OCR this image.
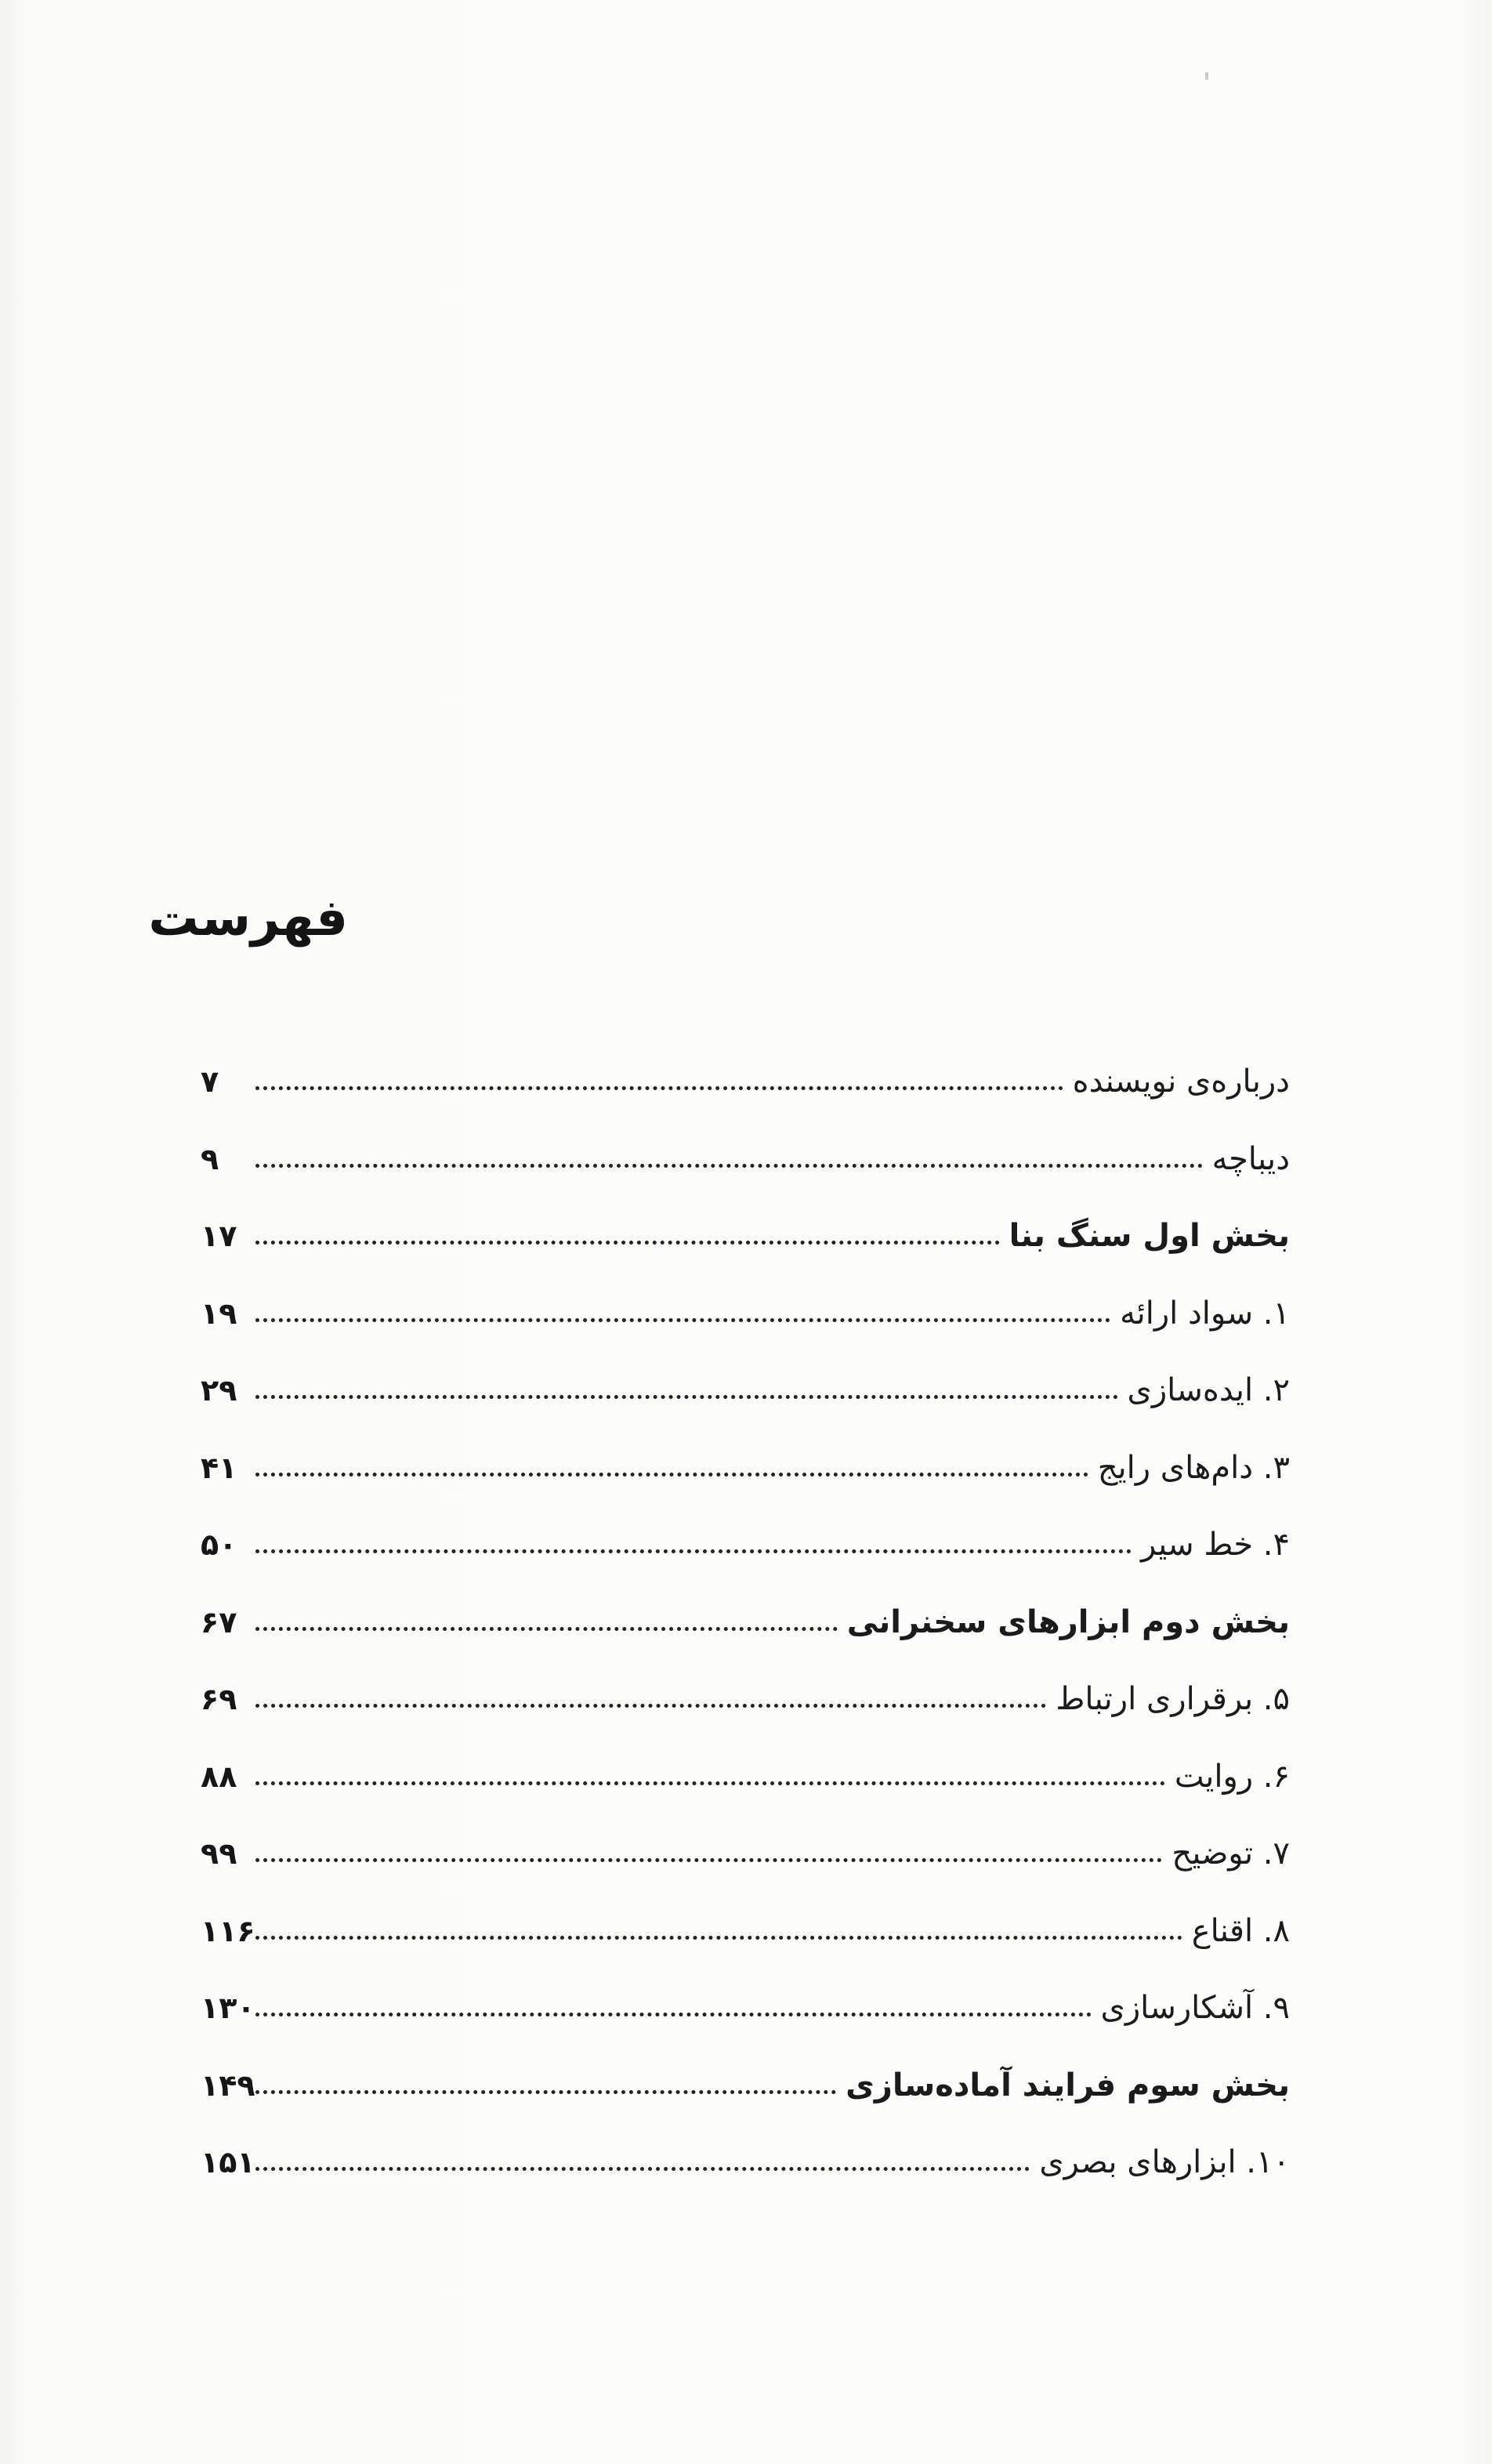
فهرست
درباره‌ی نویسنده
۷
دیباچه
۹
بخش اول سنگ بنا
۱۷
۱. سواد ارائه
۱۹
۲. ایده‌سازی
۲۹
۳. دام‌های رایج
۴۱
۴. خط سیر
۵۰
بخش دوم ابزارهای سخنرانی
۶۷
۵. برقراری ارتباط
۶۹
۶. روایت
۸۸
۷. توضیح
۹۹
۸. اقناع
۱۱۶
۹. آشکارسازی
۱۳۰
بخش سوم فرایند آماده‌سازی
۱۴۹
۱۰. ابزارهای بصری
۱۵۱
